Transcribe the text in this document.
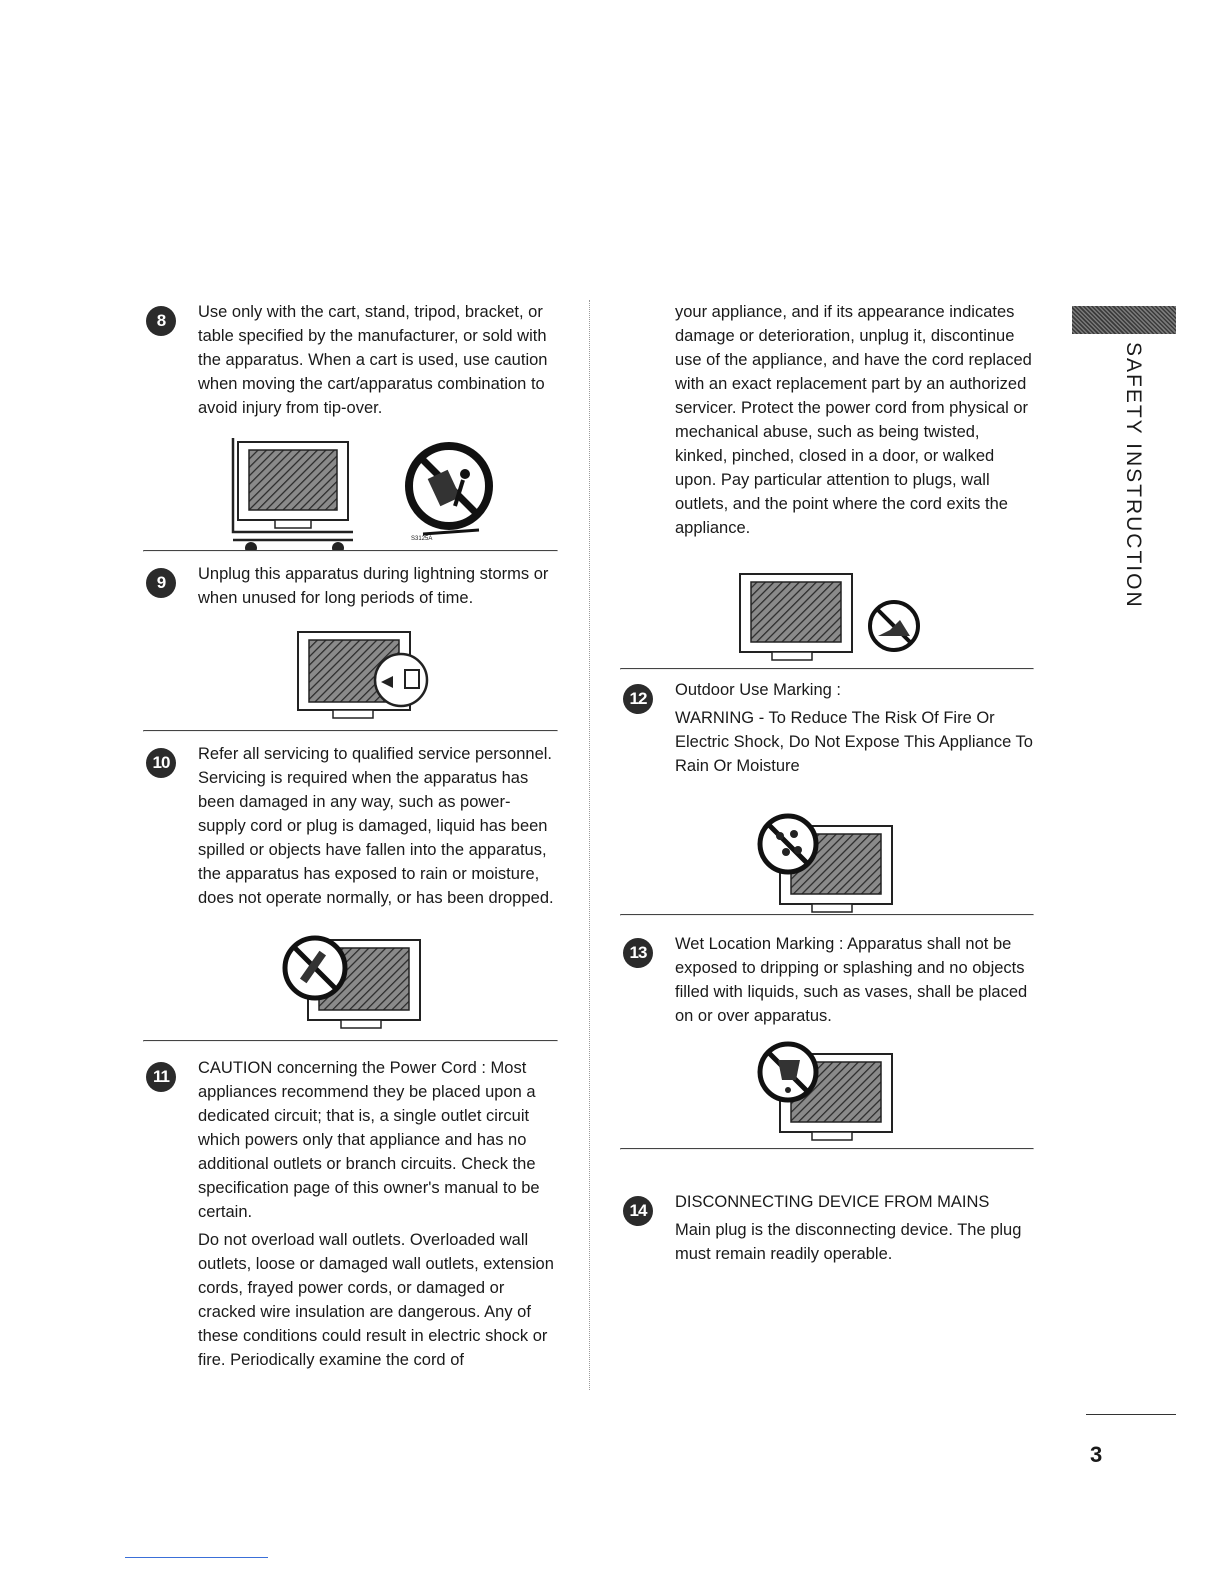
8	Use only with the cart, stand, tripod, bracket, or table specified by the manufacturer, or sold with the apparatus. When a cart is used, use caution when moving the cart/apparatus combination to avoid injury from tip-over.

S3125A
9	Unplug this apparatus during lightning storms or when unused for long periods of time.

10	Refer all servicing to qualified service personnel. Servicing is required when the apparatus has been damaged in any way, such as power-supply cord or plug is damaged, liquid has been spilled or objects have fallen into the apparatus, the apparatus has exposed to rain or moisture, does not operate normally, or has been dropped.

11	CAUTION concerning the Power Cord : Most appliances recommend they be placed upon a dedicated circuit; that is, a single outlet circuit which powers only that appliance and has no additional outlets or branch circuits. Check the specification page of this owner's manual to be certain.

Do not overload wall outlets. Overloaded wall outlets, loose or damaged wall outlets, extension cords, frayed power cords, or damaged or cracked wire insulation are dangerous. Any of these conditions could result in electric shock or fire. Periodically examine the cord of

your appliance, and if its appearance indicates damage or deterioration, unplug it, discontinue use of the appliance, and have the cord replaced with an exact replacement part by an authorized servicer. Protect the power cord from physical or mechanical abuse, such as being twisted, kinked, pinched, closed in a door, or walked upon. Pay particular attention to plugs, wall outlets, and the point where the cord exits the appliance.

12	Outdoor Use Marking :

WARNING - To Reduce The Risk Of Fire Or Electric Shock, Do Not Expose This Appliance To Rain Or Moisture

13	Wet Location Marking : Apparatus shall not be exposed to dripping or splashing and no objects filled with liquids, such as vases, shall be placed on or over apparatus.

14	DISCONNECTING DEVICE FROM MAINS

Main plug is the disconnecting device. The plug must remain readily operable.

SAFETY INSTRUCTION
3
